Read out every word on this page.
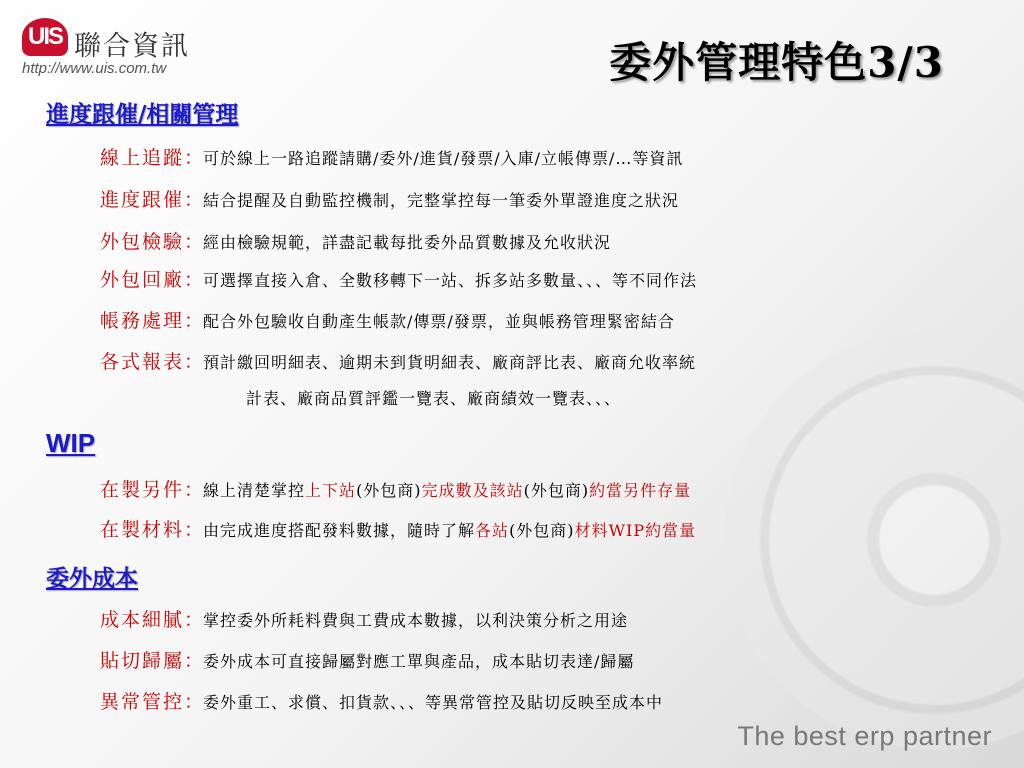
UIS 聯合資訊
http://www.uis.com.tw	委外管理特色3/3
進度跟催/相關管理
線上追蹤：可於線上一路追蹤請購/委外/進貨/發票/入庫/立帳傳票/…等資訊
進度跟催：結合提醒及自動監控機制，完整掌控每一筆委外單證進度之狀況
外包檢驗：經由檢驗規範，詳盡記載每批委外品質數據及允收狀況
外包回廠：可選擇直接入倉、全數移轉下一站、拆多站多數量、、、等不同作法
帳務處理：配合外包驗收自動產生帳款/傳票/發票，並與帳務管理緊密結合
各式報表：預計繳回明細表、逾期未到貨明細表、廠商評比表、廠商允收率統
計表、廠商品質評鑑一覽表、廠商績效一覽表、、、
WIP
在製另件：線上清楚掌控上下站(外包商)完成數及該站(外包商)約當另件存量
在製材料：由完成進度搭配發料數據，隨時了解各站(外包商)材料WIP約當量
委外成本
成本細膩：掌控委外所耗料費與工費成本數據，以利決策分析之用途
貼切歸屬：委外成本可直接歸屬對應工單與產品，成本貼切表達/歸屬
異常管控：委外重工、求償、扣貨款、、、等異常管控及貼切反映至成本中
The best erp partner
